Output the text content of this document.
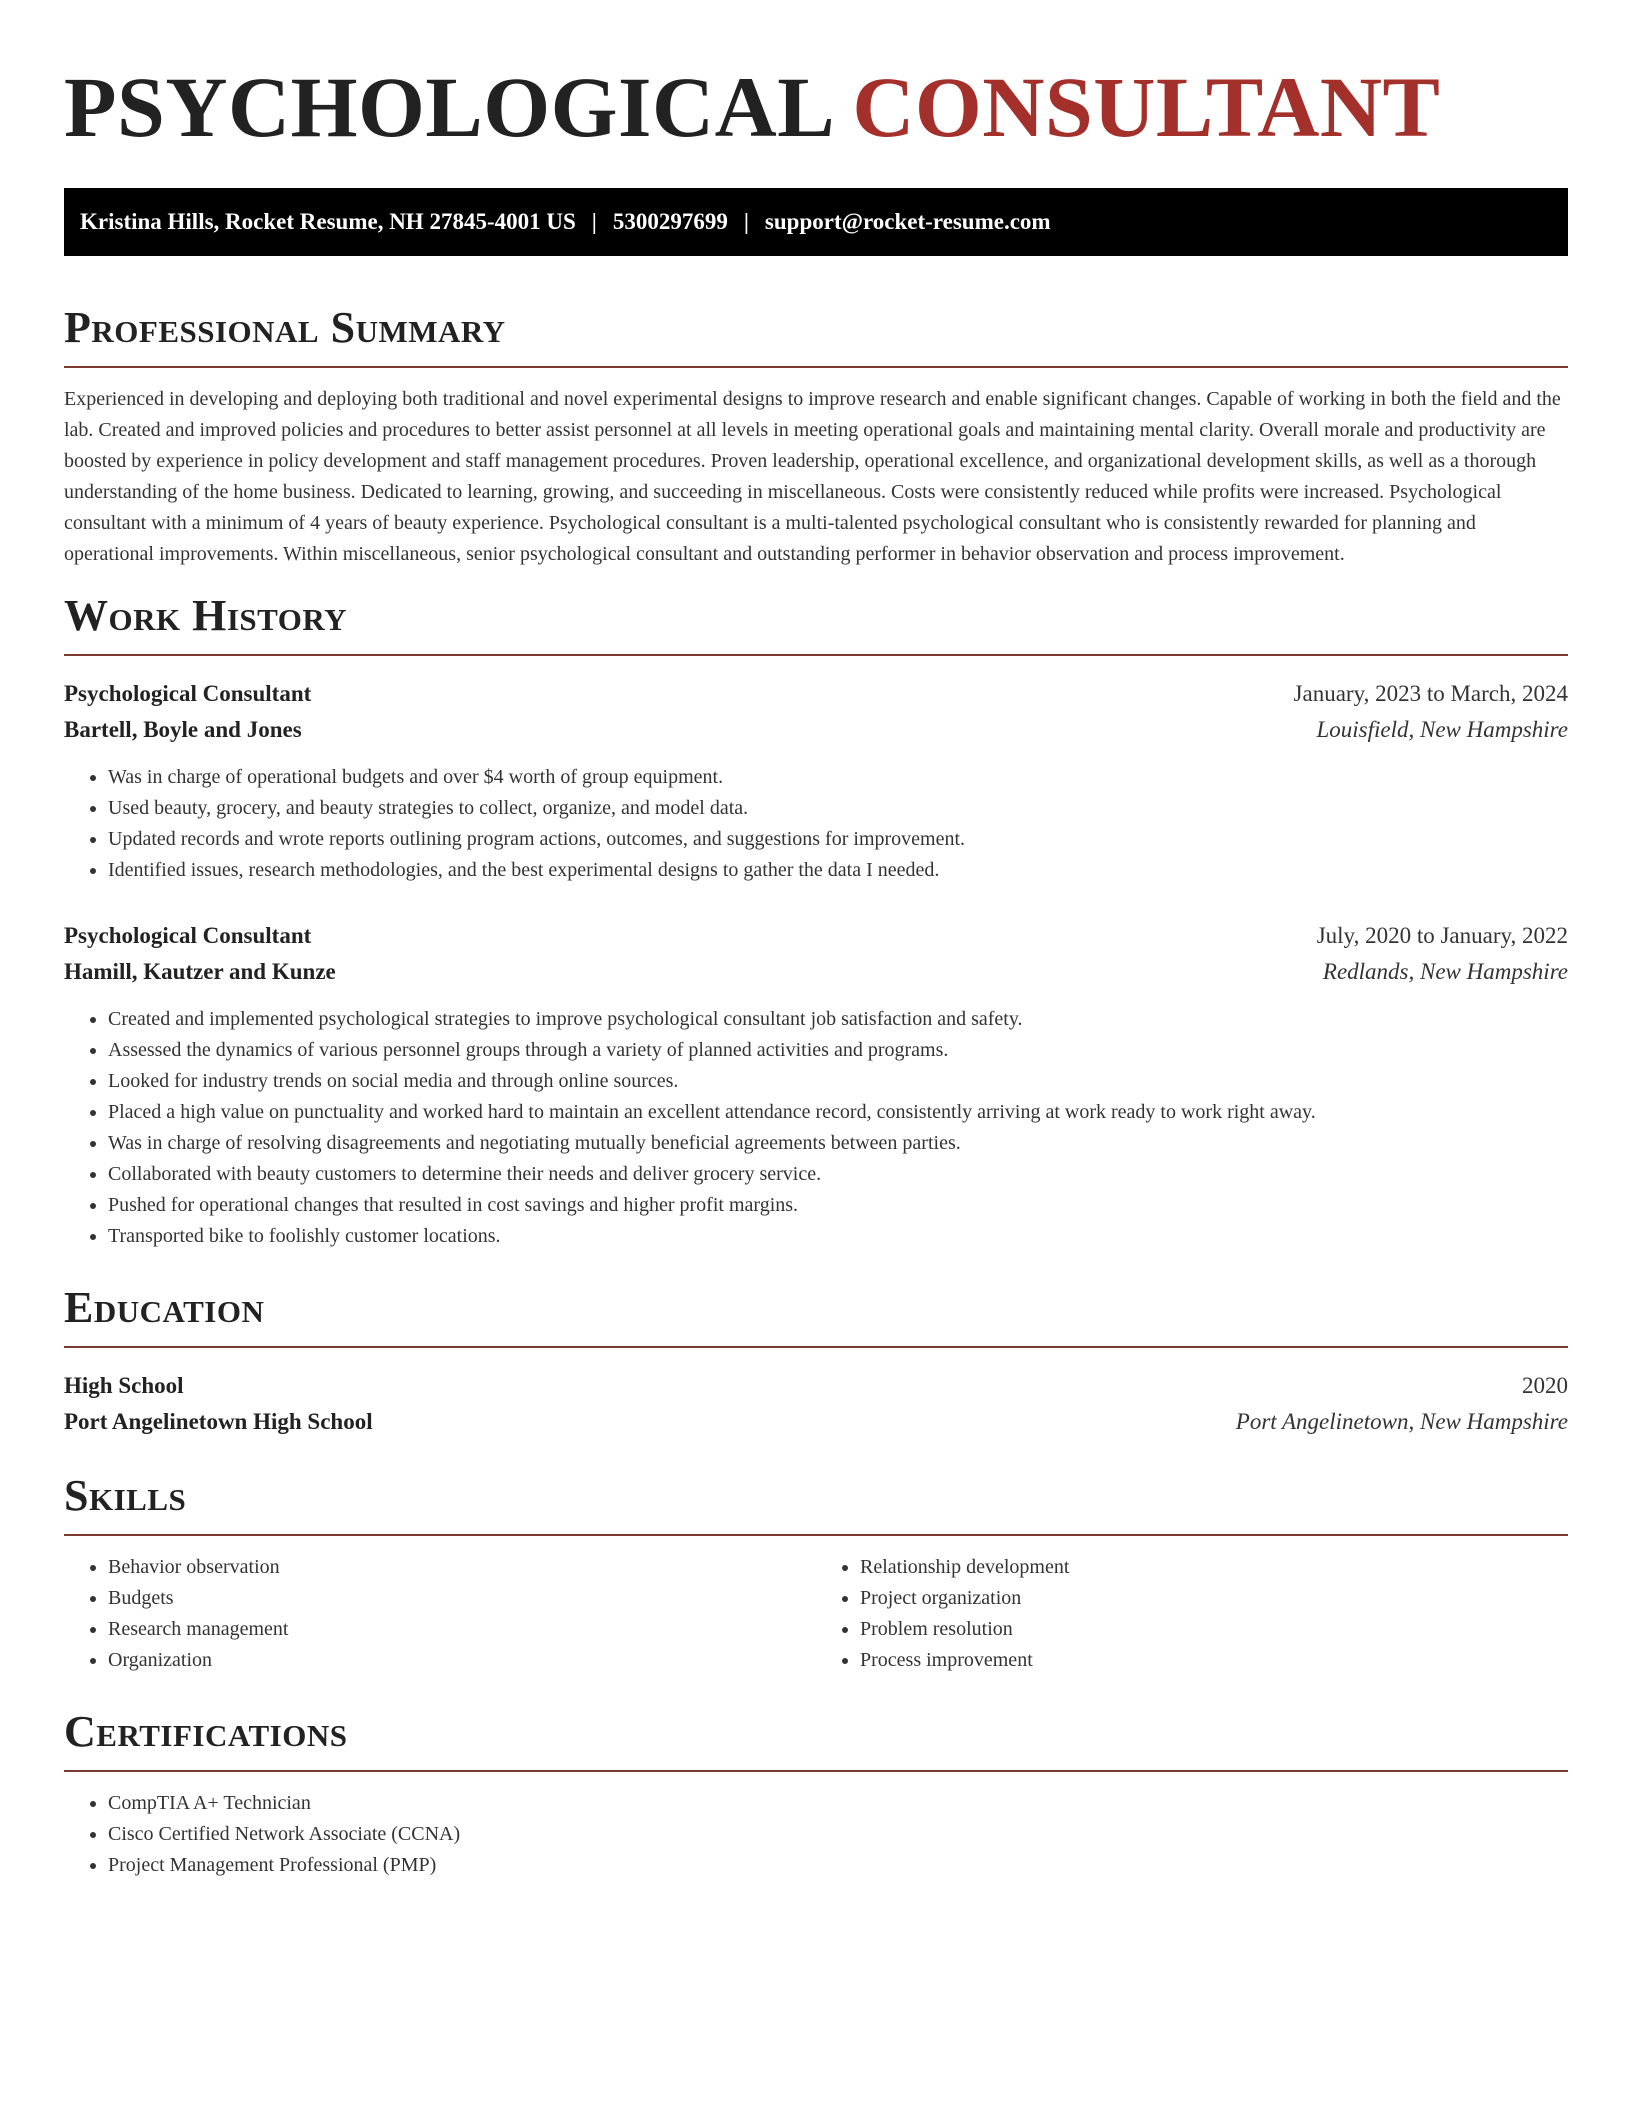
PSYCHOLOGICAL CONSULTANT
Kristina Hills, Rocket Resume, NH 27845-4001 US | 5300297699 | support@rocket-resume.com
Professional Summary

Experienced in developing and deploying both traditional and novel experimental designs to improve research and enable significant changes. Capable of working in both the field and the lab. Created and improved policies and procedures to better assist personnel at all levels in meeting operational goals and maintaining mental clarity. Overall morale and productivity are boosted by experience in policy development and staff management procedures. Proven leadership, operational excellence, and organizational development skills, as well as a thorough understanding of the home business. Dedicated to learning, growing, and succeeding in miscellaneous. Costs were consistently reduced while profits were increased. Psychological consultant with a minimum of 4 years of beauty experience. Psychological consultant is a multi-talented psychological consultant who is consistently rewarded for planning and operational improvements. Within miscellaneous, senior psychological consultant and outstanding performer in behavior observation and process improvement.

Work History
Psychological Consultant	January, 2023 to March, 2024
Bartell, Boyle and Jones	Louisfield, New Hampshire
• Was in charge of operational budgets and over $4 worth of group equipment.
• Used beauty, grocery, and beauty strategies to collect, organize, and model data.
• Updated records and wrote reports outlining program actions, outcomes, and suggestions for improvement.
• Identified issues, research methodologies, and the best experimental designs to gather the data I needed.
Psychological Consultant	July, 2020 to January, 2022
Hamill, Kautzer and Kunze	Redlands, New Hampshire
• Created and implemented psychological strategies to improve psychological consultant job satisfaction and safety.
• Assessed the dynamics of various personnel groups through a variety of planned activities and programs.
• Looked for industry trends on social media and through online sources.
• Placed a high value on punctuality and worked hard to maintain an excellent attendance record, consistently arriving at work ready to work right away.
• Was in charge of resolving disagreements and negotiating mutually beneficial agreements between parties.
• Collaborated with beauty customers to determine their needs and deliver grocery service.
• Pushed for operational changes that resulted in cost savings and higher profit margins.
• Transported bike to foolishly customer locations.
Education
High School	2020
Port Angelinetown High School	Port Angelinetown, New Hampshire
Skills
• Behavior observation
• Budgets
• Research management
• Organization
• Relationship development
• Project organization
• Problem resolution
• Process improvement
Certifications
• CompTIA A+ Technician
• Cisco Certified Network Associate (CCNA)
• Project Management Professional (PMP)
